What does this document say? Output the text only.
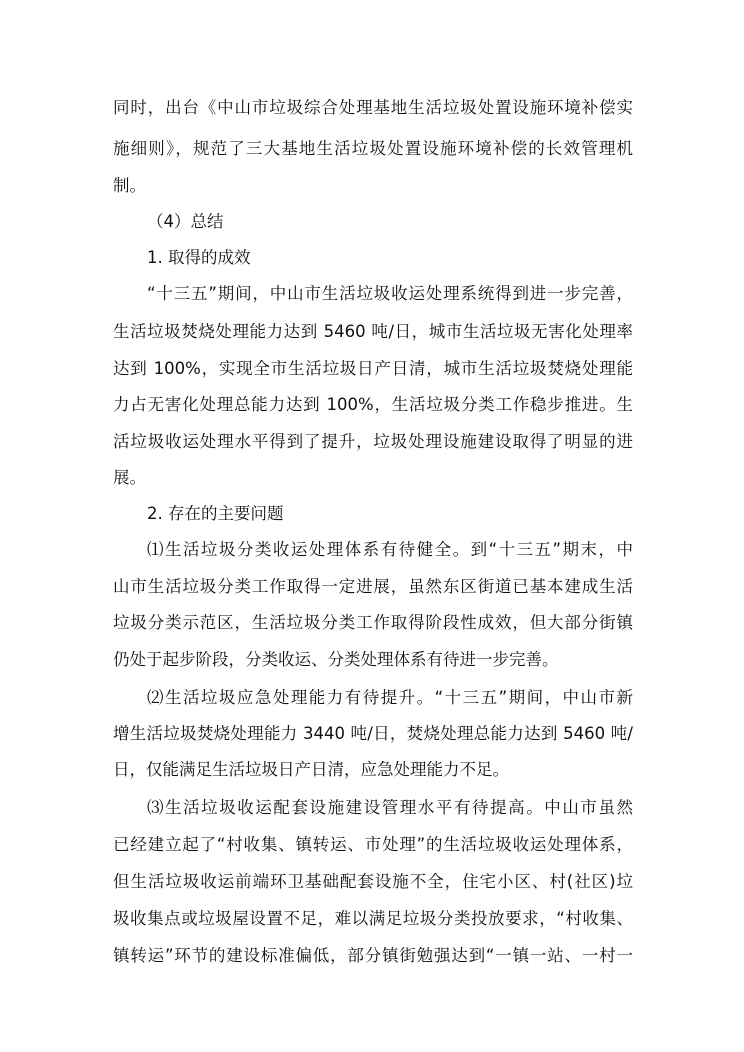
同时，出台《中山市垃圾综合处理基地生活垃圾处置设施环境补偿实
施细则》，规范了三大基地生活垃圾处置设施环境补偿的长效管理机
制。
（4）总结
1. 取得的成效
“十三五”期间，中山市生活垃圾收运处理系统得到进一步完善，
生活垃圾焚烧处理能力达到 5460 吨/日，城市生活垃圾无害化处理率
达到 100%，实现全市生活垃圾日产日清，城市生活垃圾焚烧处理能
力占无害化处理总能力达到 100%，生活垃圾分类工作稳步推进。生
活垃圾收运处理水平得到了提升，垃圾处理设施建设取得了明显的进
展。
2. 存在的主要问题
⑴生活垃圾分类收运处理体系有待健全。到“十三五”期末，中
山市生活垃圾分类工作取得一定进展，虽然东区街道已基本建成生活
垃圾分类示范区，生活垃圾分类工作取得阶段性成效，但大部分街镇
仍处于起步阶段，分类收运、分类处理体系有待进一步完善。
⑵生活垃圾应急处理能力有待提升。“十三五”期间，中山市新
增生活垃圾焚烧处理能力 3440 吨/日，焚烧处理总能力达到 5460 吨/
日，仅能满足生活垃圾日产日清，应急处理能力不足。
⑶生活垃圾收运配套设施建设管理水平有待提高。中山市虽然
已经建立起了“村收集、镇转运、市处理”的生活垃圾收运处理体系，
但生活垃圾收运前端环卫基础配套设施不全，住宅小区、村(社区)垃
圾收集点或垃圾屋设置不足，难以满足垃圾分类投放要求，“村收集、
镇转运”环节的建设标准偏低，部分镇街勉强达到“一镇一站、一村一
